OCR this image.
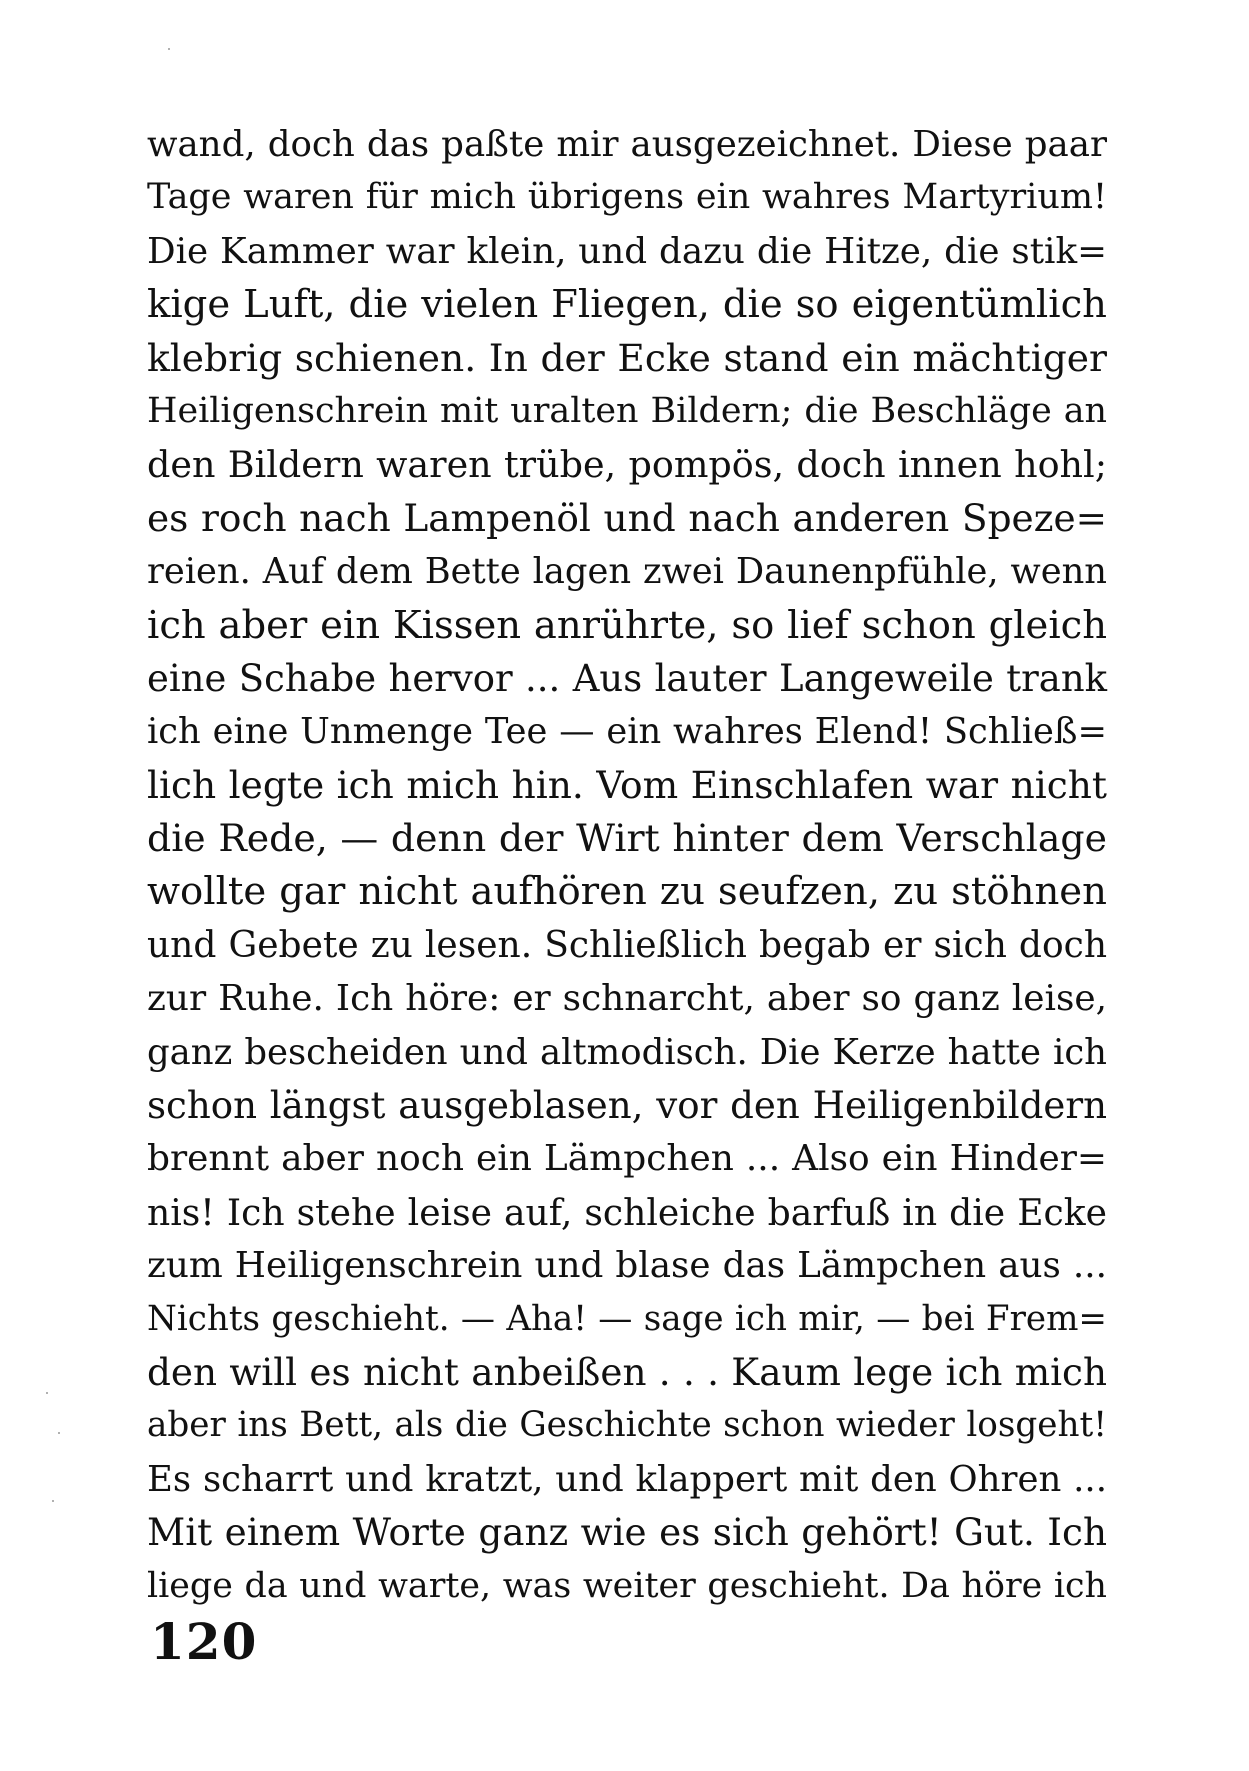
wand, doch das paßte mir ausgezeichnet. Diese paar
Tage waren für mich übrigens ein wahres Martyrium!
Die Kammer war klein, und dazu die Hitze, die stik=
kige Luft, die vielen Fliegen, die so eigentümlich
klebrig schienen. In der Ecke stand ein mächtiger
Heiligenschrein mit uralten Bildern; die Beschläge an
den Bildern waren trübe, pompös, doch innen hohl;
es roch nach Lampenöl und nach anderen Speze=
reien. Auf dem Bette lagen zwei Daunenpfühle, wenn
ich aber ein Kissen anrührte, so lief schon gleich
eine Schabe hervor ... Aus lauter Langeweile trank
ich eine Unmenge Tee — ein wahres Elend! Schließ=
lich legte ich mich hin. Vom Einschlafen war nicht
die Rede, — denn der Wirt hinter dem Verschlage
wollte gar nicht aufhören zu seufzen, zu stöhnen
und Gebete zu lesen. Schließlich begab er sich doch
zur Ruhe. Ich höre: er schnarcht, aber so ganz leise,
ganz bescheiden und altmodisch. Die Kerze hatte ich
schon längst ausgeblasen, vor den Heiligenbildern
brennt aber noch ein Lämpchen ... Also ein Hinder=
nis! Ich stehe leise auf, schleiche barfuß in die Ecke
zum Heiligenschrein und blase das Lämpchen aus ...
Nichts geschieht. — Aha! — sage ich mir, — bei Frem=
den will es nicht anbeißen . . . Kaum lege ich mich
aber ins Bett, als die Geschichte schon wieder losgeht!
Es scharrt und kratzt, und klappert mit den Ohren ...
Mit einem Worte ganz wie es sich gehört! Gut. Ich
liege da und warte, was weiter geschieht. Da höre ich
120
